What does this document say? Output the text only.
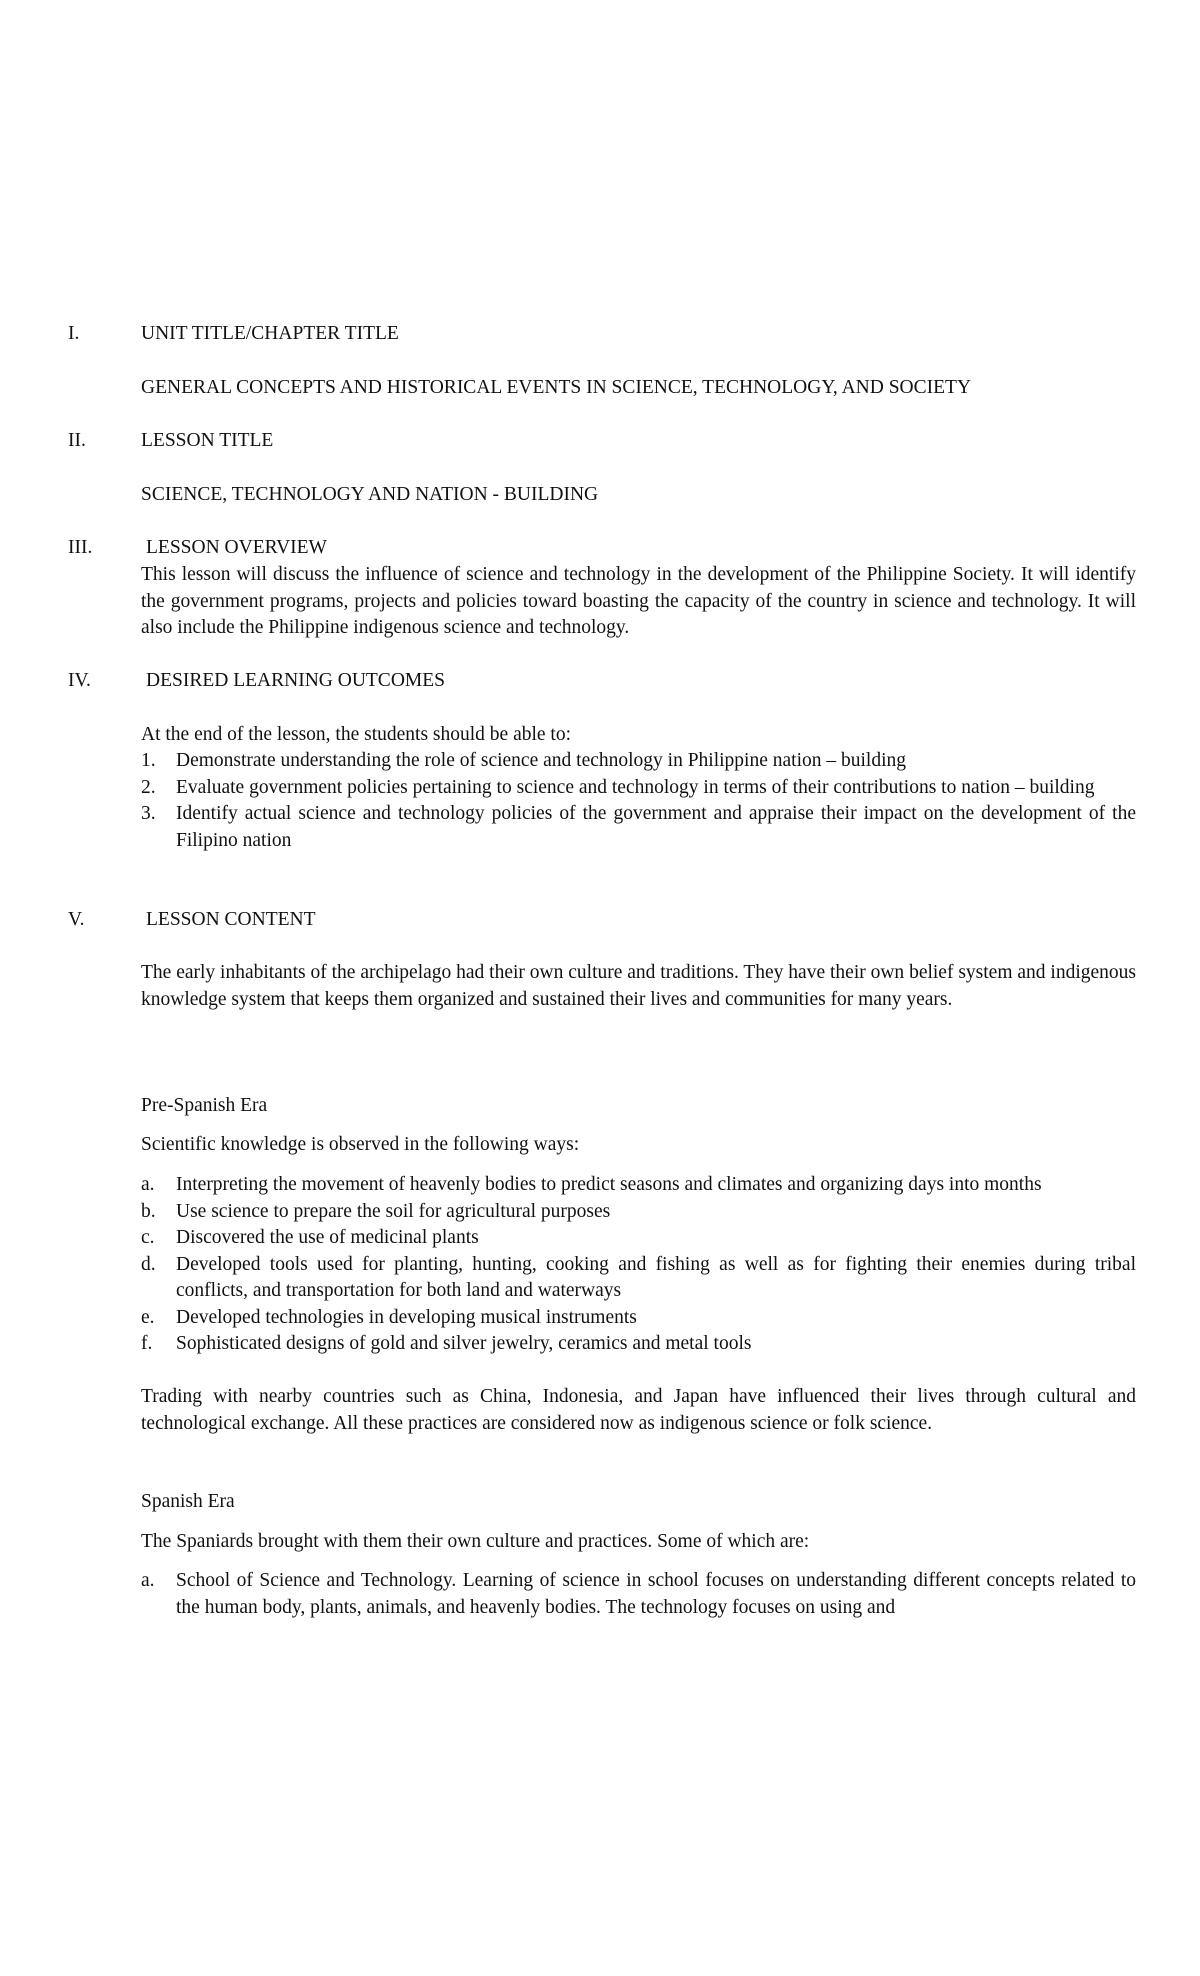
I.	UNIT TITLE/CHAPTER TITLE
GENERAL CONCEPTS AND HISTORICAL EVENTS IN SCIENCE, TECHNOLOGY, AND SOCIETY
II.	LESSON TITLE
SCIENCE, TECHNOLOGY AND NATION - BUILDING
III.	LESSON OVERVIEW
This lesson will discuss the influence of science and technology in the development of the Philippine Society. It will identify the government programs, projects and policies toward boasting the capacity of the country in science and technology. It will also include the Philippine indigenous science and technology.
IV.	DESIRED LEARNING OUTCOMES
At the end of the lesson, the students should be able to:
1. Demonstrate understanding the role of science and technology in Philippine nation – building
2. Evaluate government policies pertaining to science and technology in terms of their contributions to nation – building
3. Identify actual science and technology policies of the government and appraise their impact on the development of the Filipino nation
V.	LESSON CONTENT
The early inhabitants of the archipelago had their own culture and traditions. They have their own belief system and indigenous knowledge system that keeps them organized and sustained their lives and communities for many years.
Pre-Spanish Era
Scientific knowledge is observed in the following ways:
a. Interpreting the movement of heavenly bodies to predict seasons and climates and organizing days into months
b. Use science to prepare the soil for agricultural purposes
c. Discovered the use of medicinal plants
d. Developed tools used for planting, hunting, cooking and fishing as well as for fighting their enemies during tribal conflicts, and transportation for both land and waterways
e. Developed technologies in developing musical instruments
f. Sophisticated designs of gold and silver jewelry, ceramics and metal tools
Trading with nearby countries such as China, Indonesia, and Japan have influenced their lives through cultural and technological exchange. All these practices are considered now as indigenous science or folk science.
Spanish Era
The Spaniards brought with them their own culture and practices. Some of which are:
a. School of Science and Technology. Learning of science in school focuses on understanding different concepts related to the human body, plants, animals, and heavenly bodies. The technology focuses on using and
